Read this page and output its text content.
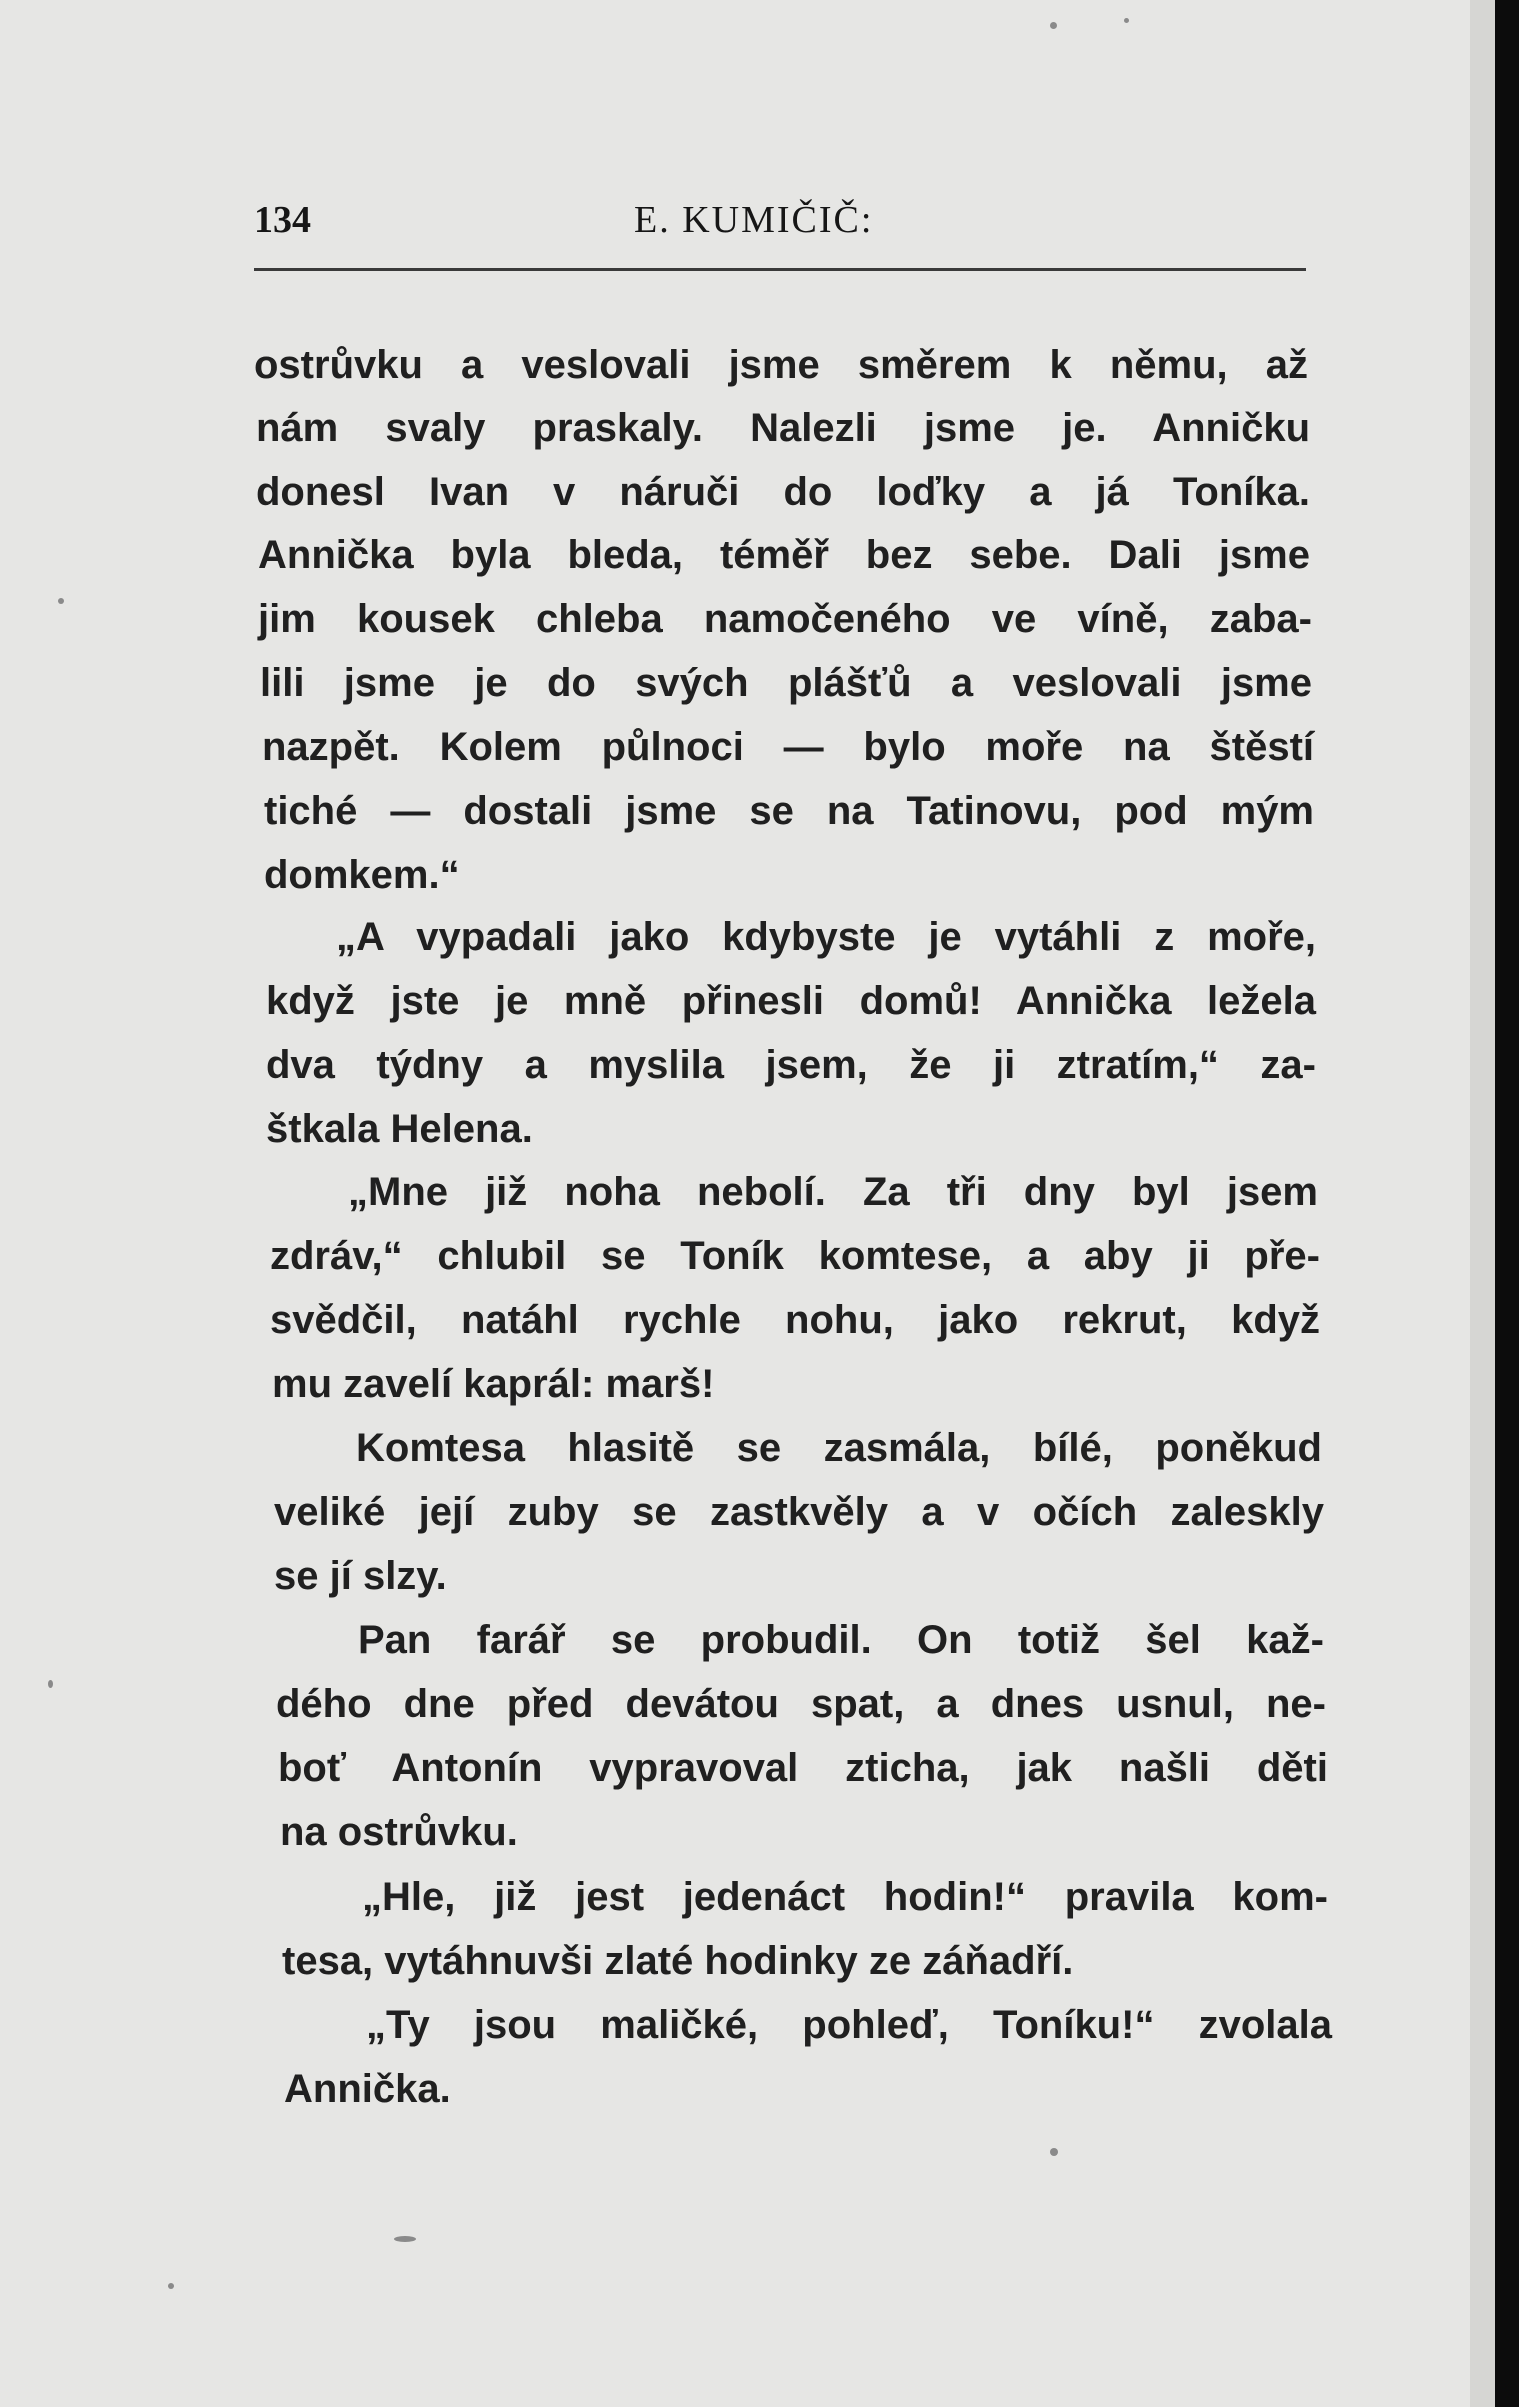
134	E. KUMIČIČ:
ostrůvku a veslovali jsme směrem k němu, až
nám svaly praskaly. Nalezli jsme je. Anničku
donesl Ivan v náruči do loďky a já Toníka.
Annička byla bleda, téměř bez sebe. Dali jsme
jim kousek chleba namočeného ve víně, zaba-
lili jsme je do svých plášťů a veslovali jsme
nazpět. Kolem půlnoci — bylo moře na štěstí
tiché — dostali jsme se na Tatinovu, pod mým
domkem.“
„A vypadali jako kdybyste je vytáhli z moře,
když jste je mně přinesli domů! Annička ležela
dva týdny a myslila jsem, že ji ztratím,“ za-
štkala Helena.
„Mne již noha nebolí. Za tři dny byl jsem
zdráv,“ chlubil se Toník komtese, a aby ji pře-
svědčil, natáhl rychle nohu, jako rekrut, když
mu zavelí kaprál: marš!
Komtesa hlasitě se zasmála, bílé, poněkud
veliké její zuby se zastkvěly a v očích zaleskly
se jí slzy.
Pan farář se probudil. On totiž šel kaž-
dého dne před devátou spat, a dnes usnul, ne-
boť Antonín vypravoval zticha, jak našli děti
na ostrůvku.
„Hle, již jest jedenáct hodin!“ pravila kom-
tesa, vytáhnuvši zlaté hodinky ze záňadří.
„Ty jsou maličké, pohleď, Toníku!“ zvolala
Annička.
